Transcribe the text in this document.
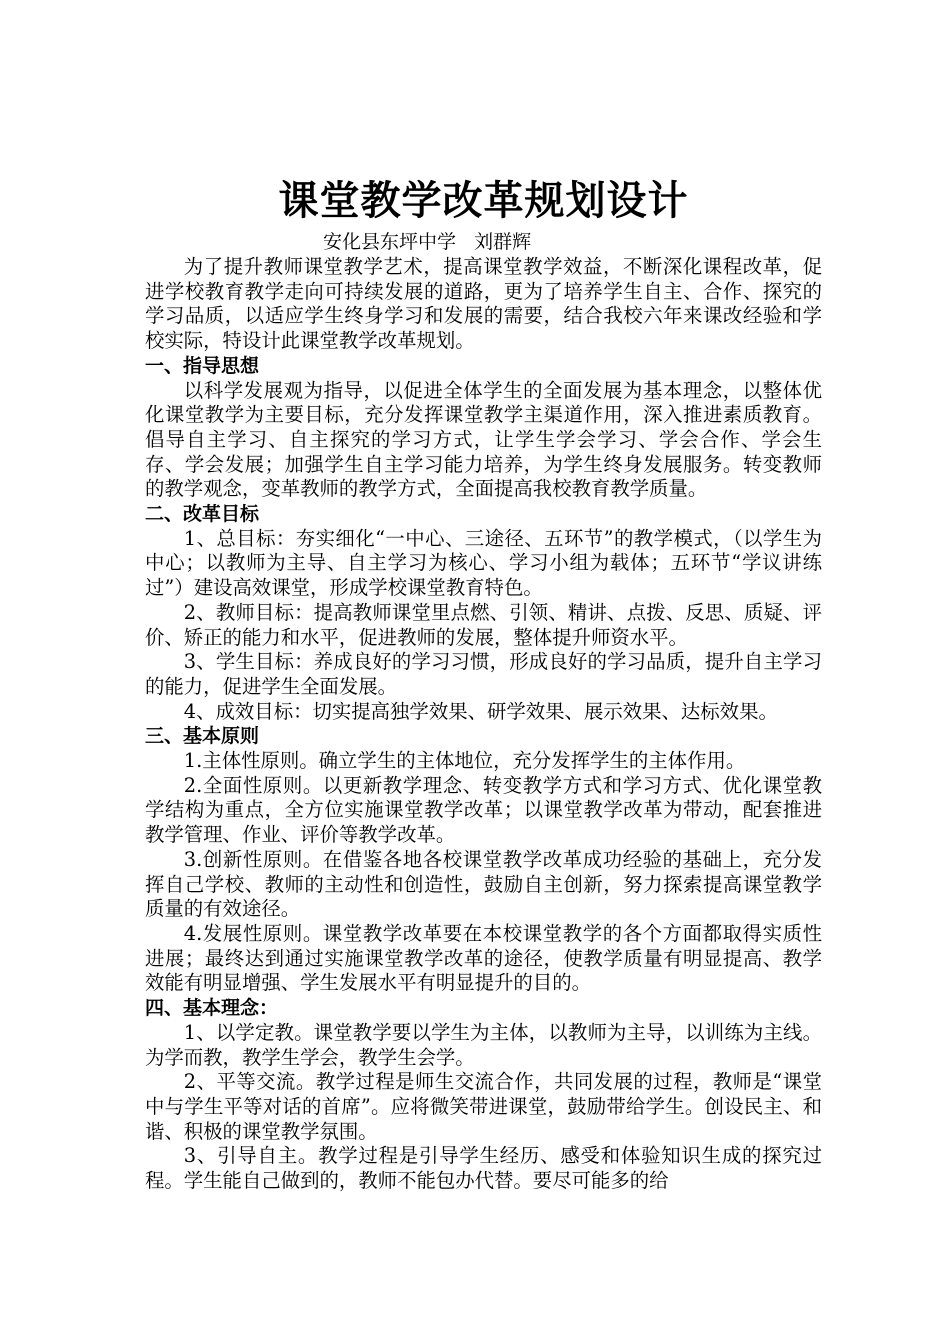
课堂教学改革规划设计

安化县东坪中学   刘群辉

为了提升教师课堂教学艺术，提高课堂教学效益，不断深化课程改革，促进学校教育教学走向可持续发展的道路，更为了培养学生自主、合作、探究的学习品质，以适应学生终身学习和发展的需要，结合我校六年来课改经验和学校实际，特设计此课堂教学改革规划。

一、指导思想

以科学发展观为指导，以促进全体学生的全面发展为基本理念，以整体优化课堂教学为主要目标，充分发挥课堂教学主渠道作用，深入推进素质教育。倡导自主学习、自主探究的学习方式，让学生学会学习、学会合作、学会生存、学会发展；加强学生自主学习能力培养，为学生终身发展服务。转变教师的教学观念，变革教师的教学方式，全面提高我校教育教学质量。

二、改革目标

1、总目标：夯实细化“一中心、三途径、五环节”的教学模式，（以学生为中心；以教师为主导、自主学习为核心、学习小组为载体；五环节“学议讲练过”）建设高效课堂，形成学校课堂教育特色。

2、教师目标：提高教师课堂里点燃、引领、精讲、点拨、反思、质疑、评价、矫正的能力和水平，促进教师的发展，整体提升师资水平。

3、学生目标：养成良好的学习习惯，形成良好的学习品质，提升自主学习的能力，促进学生全面发展。

4、成效目标：切实提高独学效果、研学效果、展示效果、达标效果。

三、基本原则

1.主体性原则。确立学生的主体地位，充分发挥学生的主体作用。

2.全面性原则。以更新教学理念、转变教学方式和学习方式、优化课堂教学结构为重点，全方位实施课堂教学改革；以课堂教学改革为带动，配套推进教学管理、作业、评价等教学改革。

3.创新性原则。在借鉴各地各校课堂教学改革成功经验的基础上，充分发挥自己学校、教师的主动性和创造性，鼓励自主创新，努力探索提高课堂教学质量的有效途径。

4.发展性原则。课堂教学改革要在本校课堂教学的各个方面都取得实质性进展；最终达到通过实施课堂教学改革的途径，使教学质量有明显提高、教学效能有明显增强、学生发展水平有明显提升的目的。

四、基本理念：

1、以学定教。课堂教学要以学生为主体，以教师为主导，以训练为主线。为学而教，教学生学会，教学生会学。

2、平等交流。教学过程是师生交流合作，共同发展的过程，教师是“课堂中与学生平等对话的首席”。应将微笑带进课堂，鼓励带给学生。创设民主、和谐、积极的课堂教学氛围。

3、引导自主。教学过程是引导学生经历、感受和体验知识生成的探究过程。学生能自己做到的，教师不能包办代替。要尽可能多的给
